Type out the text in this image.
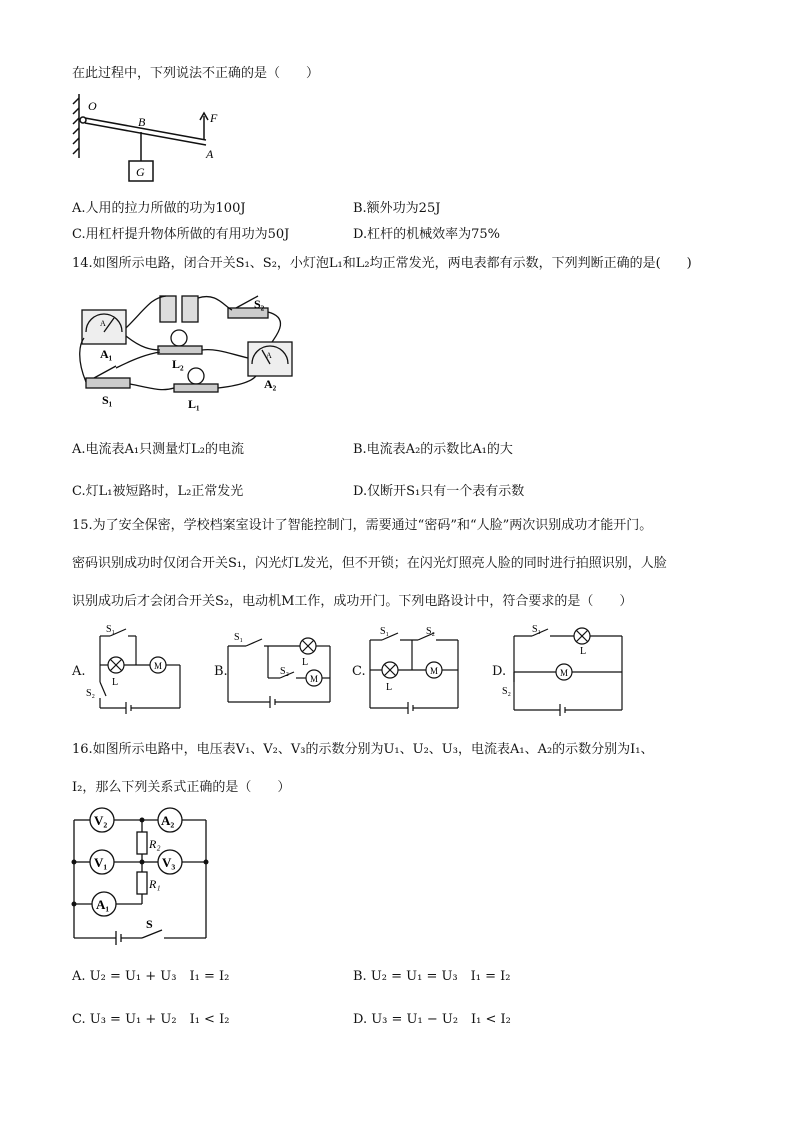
在此过程中，下列说法不正确的是（　　）
O
B	F
A
G
A.人用的拉力所做的功为100J	B.额外功为25J
C.用杠杆提升物体所做的有用功为50J	D.杠杆的机械效率为75%
14.如图所示电路，闭合开关S₁、S₂，小灯泡L₁和L₂均正常发光，两电表都有示数，下列判断正确的是(　　)
A₁
L₂
S₂
A₂
S₁	L₁
A
A
A.电流表A₁只测量灯L₂的电流	B.电流表A₂的示数比A₁的大
C.灯L₁被短路时，L₂正常发光	D.仅断开S₁只有一个表有示数
15.为了安全保密，学校档案室设计了智能控制门，需要通过“密码”和“人脸”两次识别成功才能开门。
密码识别成功时仅闭合开关S₁，闪光灯L发光，但不开锁；在闪光灯照亮人脸的同时进行拍照识别，人脸
识别成功后才会闭合开关S₂，电动机M工作，成功开门。下列电路设计中，符合要求的是（　　）
A.
S₁
L
M
S₂
B.
S₁
L
S₂
M	C.
S₁	S₂
L
M	D.
S₁
L
M
S₂
16.如图所示电路中，电压表V₁、V₂、V₃的示数分别为U₁、U₂、U₃，电流表A₁、A₂的示数分别为I₁、
I₂，那么下列关系式正确的是（　　）
V₂	A₂
V₁	V₃
A₁
R₂
R₁
S
A. U₂ = U₁ + U₃　I₁ = I₂	B. U₂ = U₁ = U₃　I₁ = I₂
C. U₃ = U₁ + U₂　I₁ < I₂	D. U₃ = U₁ − U₂　I₁ < I₂
